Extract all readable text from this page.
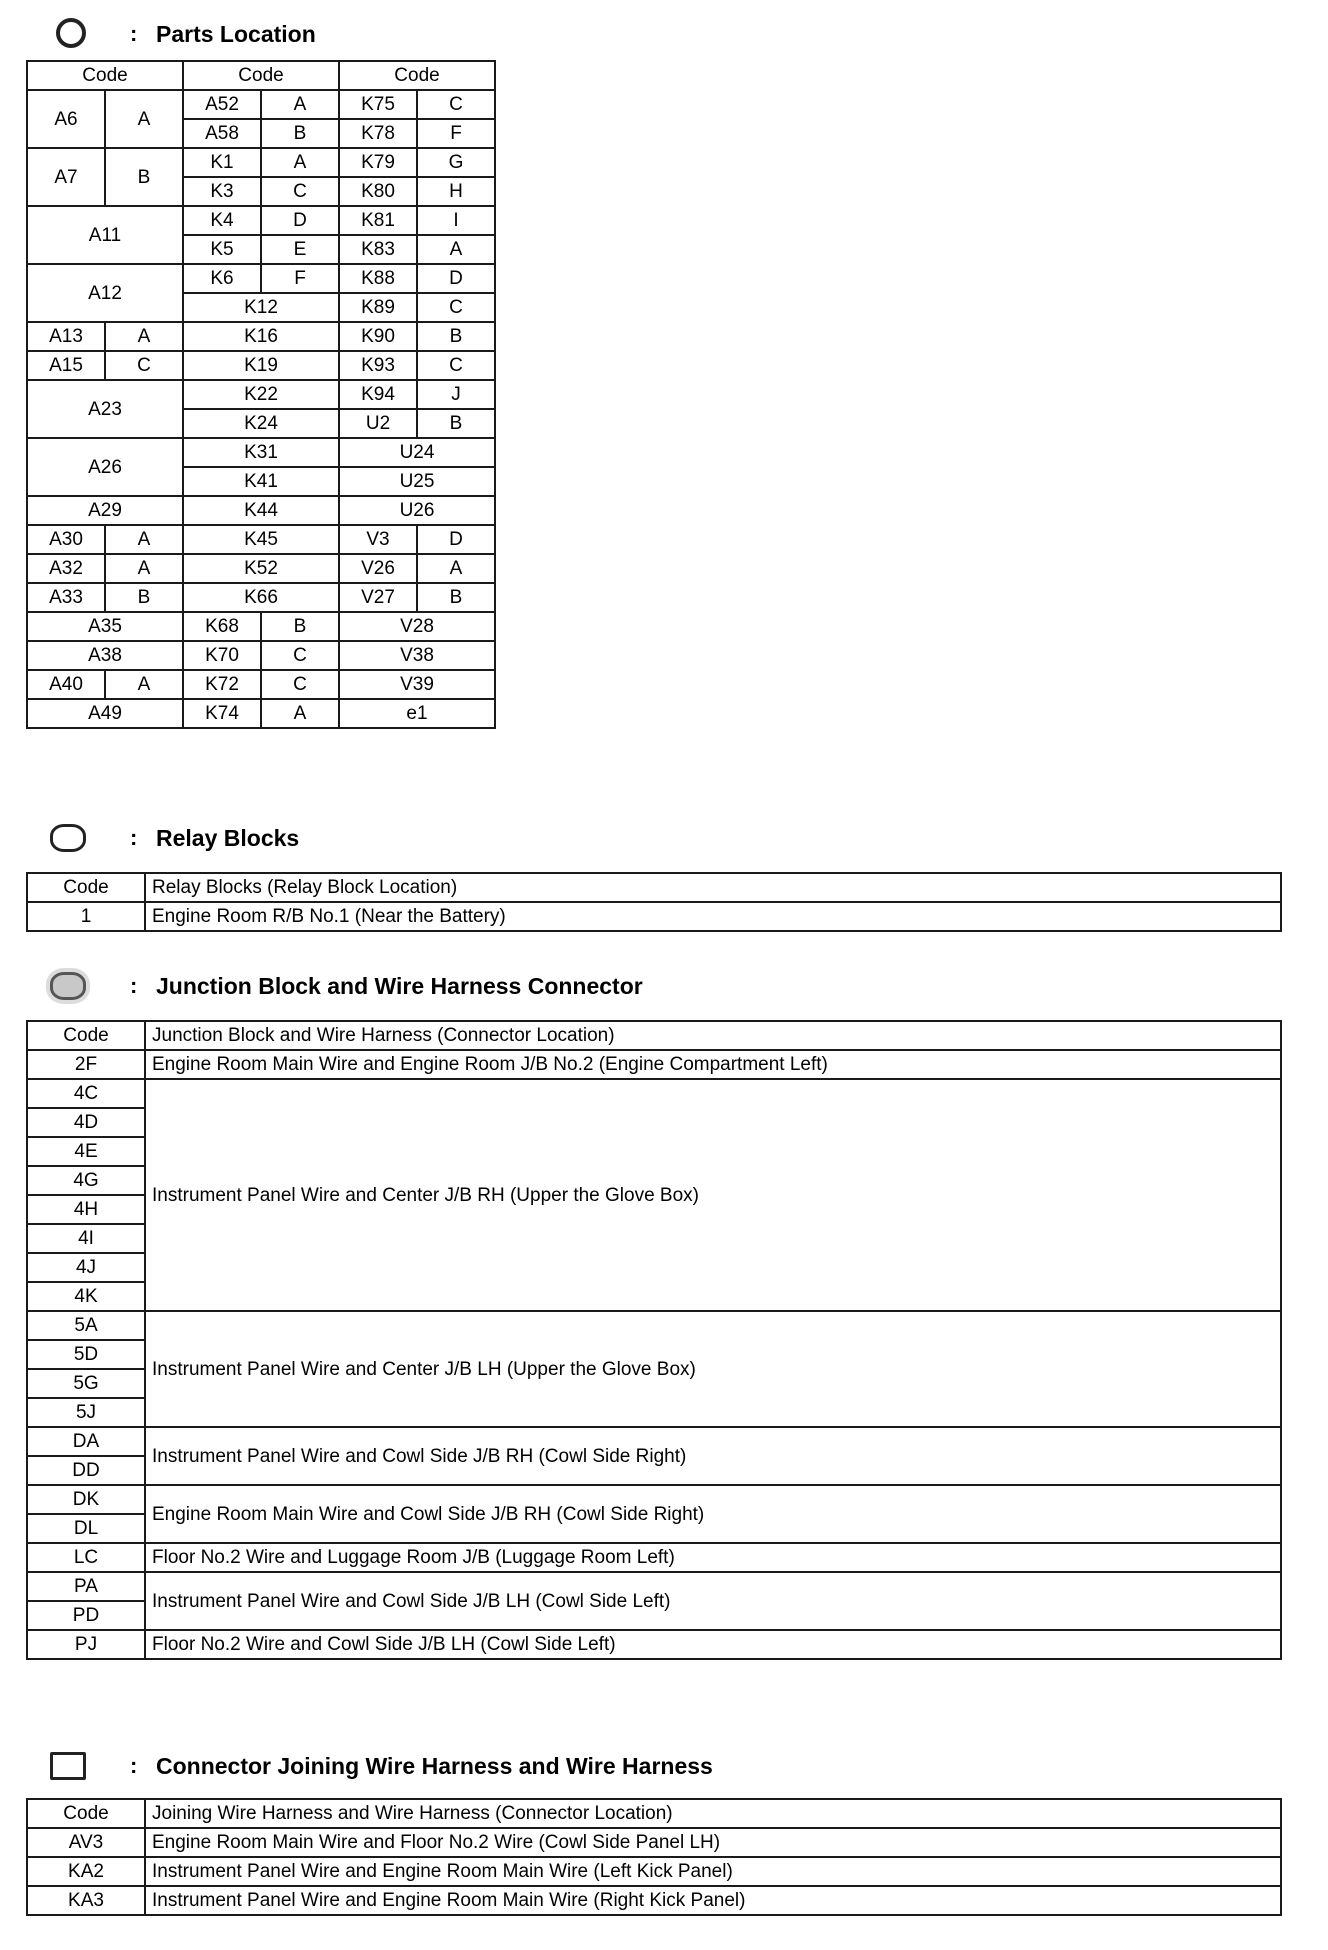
: Parts Location
Code		Code		Code	
A6	A	A52	A	K75	C
		A58	B	K78	F
A7	B	K1	A	K79	G
		K3	C	K80	H
A11		K4	D	K81	I
		K5	E	K83	A
A12		K6	F	K88	D
		K12		K89	C
A13	A	K16		K90	B
A15	C	K19		K93	C
A23		K22		K94	J
		K24		U2	B
A26		K31		U24	
		K41		U25	
A29		K44		U26	
A30	A	K45		V3	D
A32	A	K52		V26	A
A33	B	K66		V27	B
A35		K68	B	V28	
A38		K70	C	V38	
A40	A	K72	C	V39	
A49		K74	A	e1	
: Relay Blocks
Code	Relay Blocks (Relay Block Location)
1	Engine Room R/B No.1 (Near the Battery)
: Junction Block and Wire Harness Connector
Code	Junction Block and Wire Harness (Connector Location)
2F	Engine Room Main Wire and Engine Room J/B No.2 (Engine Compartment Left)
4C	Instrument Panel Wire and Center J/B RH (Upper the Glove Box)
4D	
4E	
4G	
4H	
4I	
4J	
4K	
5A	Instrument Panel Wire and Center J/B LH (Upper the Glove Box)
5D	
5G	
5J	
DA	Instrument Panel Wire and Cowl Side J/B RH (Cowl Side Right)
DD	
DK	Engine Room Main Wire and Cowl Side J/B RH (Cowl Side Right)
DL	
LC	Floor No.2 Wire and Luggage Room J/B (Luggage Room Left)
PA	Instrument Panel Wire and Cowl Side J/B LH (Cowl Side Left)
PD	
PJ	Floor No.2 Wire and Cowl Side J/B LH (Cowl Side Left)
: Connector Joining Wire Harness and Wire Harness
Code	Joining Wire Harness and Wire Harness (Connector Location)
AV3	Engine Room Main Wire and Floor No.2 Wire (Cowl Side Panel LH)
KA2	Instrument Panel Wire and Engine Room Main Wire (Left Kick Panel)
KA3	Instrument Panel Wire and Engine Room Main Wire (Right Kick Panel)
